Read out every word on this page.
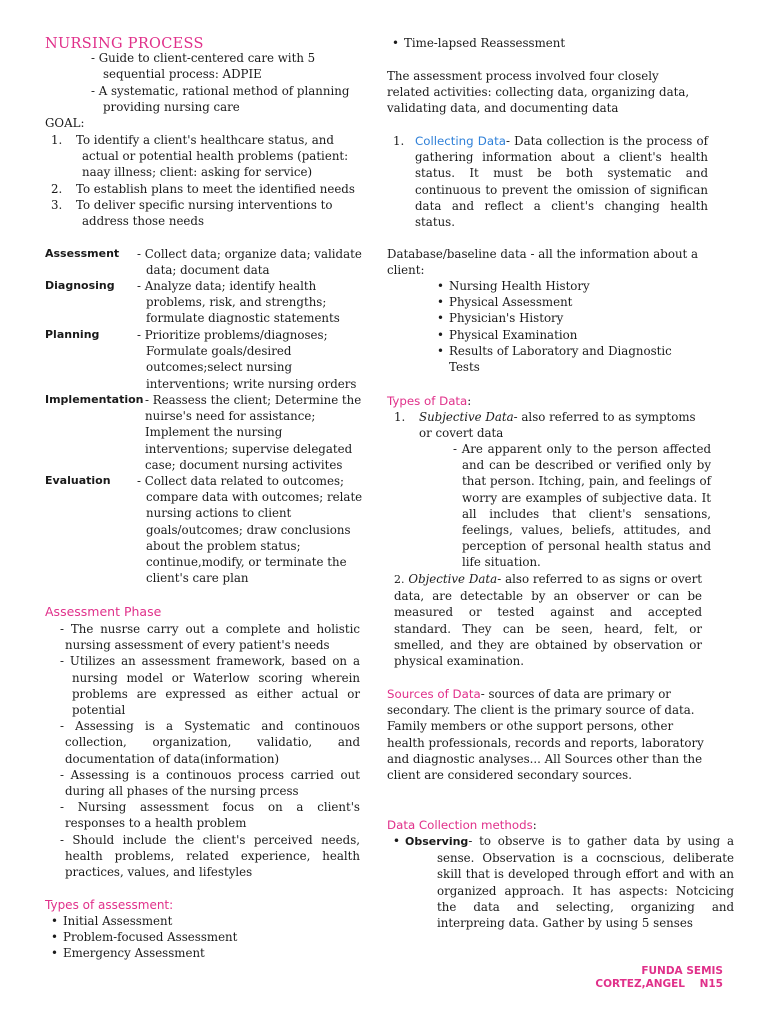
NURSING PROCESS
- Guide to client-centered care with 5 sequential process: ADPIE
- A systematic, rational method of planning providing nursing care
GOAL:
1. To identify a client's healthcare status, and actual or potential health problems (patient: naay illness; client: asking for service)
2. To establish plans to meet the identified needs
3. To deliver specific nursing interventions to address those needs
Assessment - Collect data; organize data; validate data; document data
Diagnosing - Analyze data; identify health problems, risk, and strengths; formulate diagnostic statements
Planning	- Prioritize problems/diagnoses; Formulate goals/desired outcomes;select nursing interventions; write nursing orders
Implementation - Reassess the client; Determine the nuirse's need for assistance; Implement the nursing interventions; supervise delegated case; document nursing activites
Evaluation - Collect data related to outcomes; compare data with outcomes; relate nursing actions to client goals/outcomes; draw conclusions about the problem status; continue,modify, or terminate the client's care plan
Assessment Phase
- The nusrse carry out a complete and holistic nursing assessment of every patient's needs
- Utilizes an assessment framework, based on a nursing model or Waterlow scoring wherein problems are expressed as either actual or potential
- Assessing is a Systematic and continouos collection, organization, validatio, and documentation of data(information)
- Assessing is a continouos process carried out during all phases of the nursing prcess
- Nursing assessment focus on a client's responses to a health problem
- Should include the client's perceived needs, health problems, related experience, health practices, values, and lifestyles
Types of assessment:
• Initial Assessment
• Problem-focused Assessment
• Emergency Assessment
• Time-lapsed Reassessment
The assessment process involved four closely related activities: collecting data, organizing data, validating data, and documenting data
1. Collecting Data- Data collection is the process of gathering information about a client's health status. It must be both systematic and continuous to prevent the omission of significan data and reflect a client's changing health status.
Database/baseline data - all the information about a client:
• Nursing Health History
• Physical Assessment
• Physician's History
• Physical Examination
• Results of Laboratory and Diagnostic Tests
Types of Data:
1. Subjective Data- also referred to as symptoms or covert data
- Are apparent only to the person affected and can be described or verified only by that person. Itching, pain, and feelings of worry are examples of subjective data. It all includes that client's sensations, feelings, values, beliefs, attitudes, and perception of personal health status and life situation.
2. Objective Data- also referred to as signs or overt data, are detectable by an observer or can be measured or tested against and accepted standard. They can be seen, heard, felt, or smelled, and they are obtained by observation or physical examination.
Sources of Data- sources of data are primary or secondary. The client is the primary source of data. Family members or othe support persons, other health professionals, records and reports, laboratory and diagnostic analyses... All Sources other than the client are considered secondary sources.
Data Collection methods:
Observing- to observe is to gather data by using a sense. Observation is a cocnscious, deliberate skill that is developed through effort and with an organized approach. It has aspects: Notcicing the data and selecting, organizing and interpreing data. Gather by using 5 senses
•
FUNDA SEMIS
CORTEZ,ANGEL    N15
